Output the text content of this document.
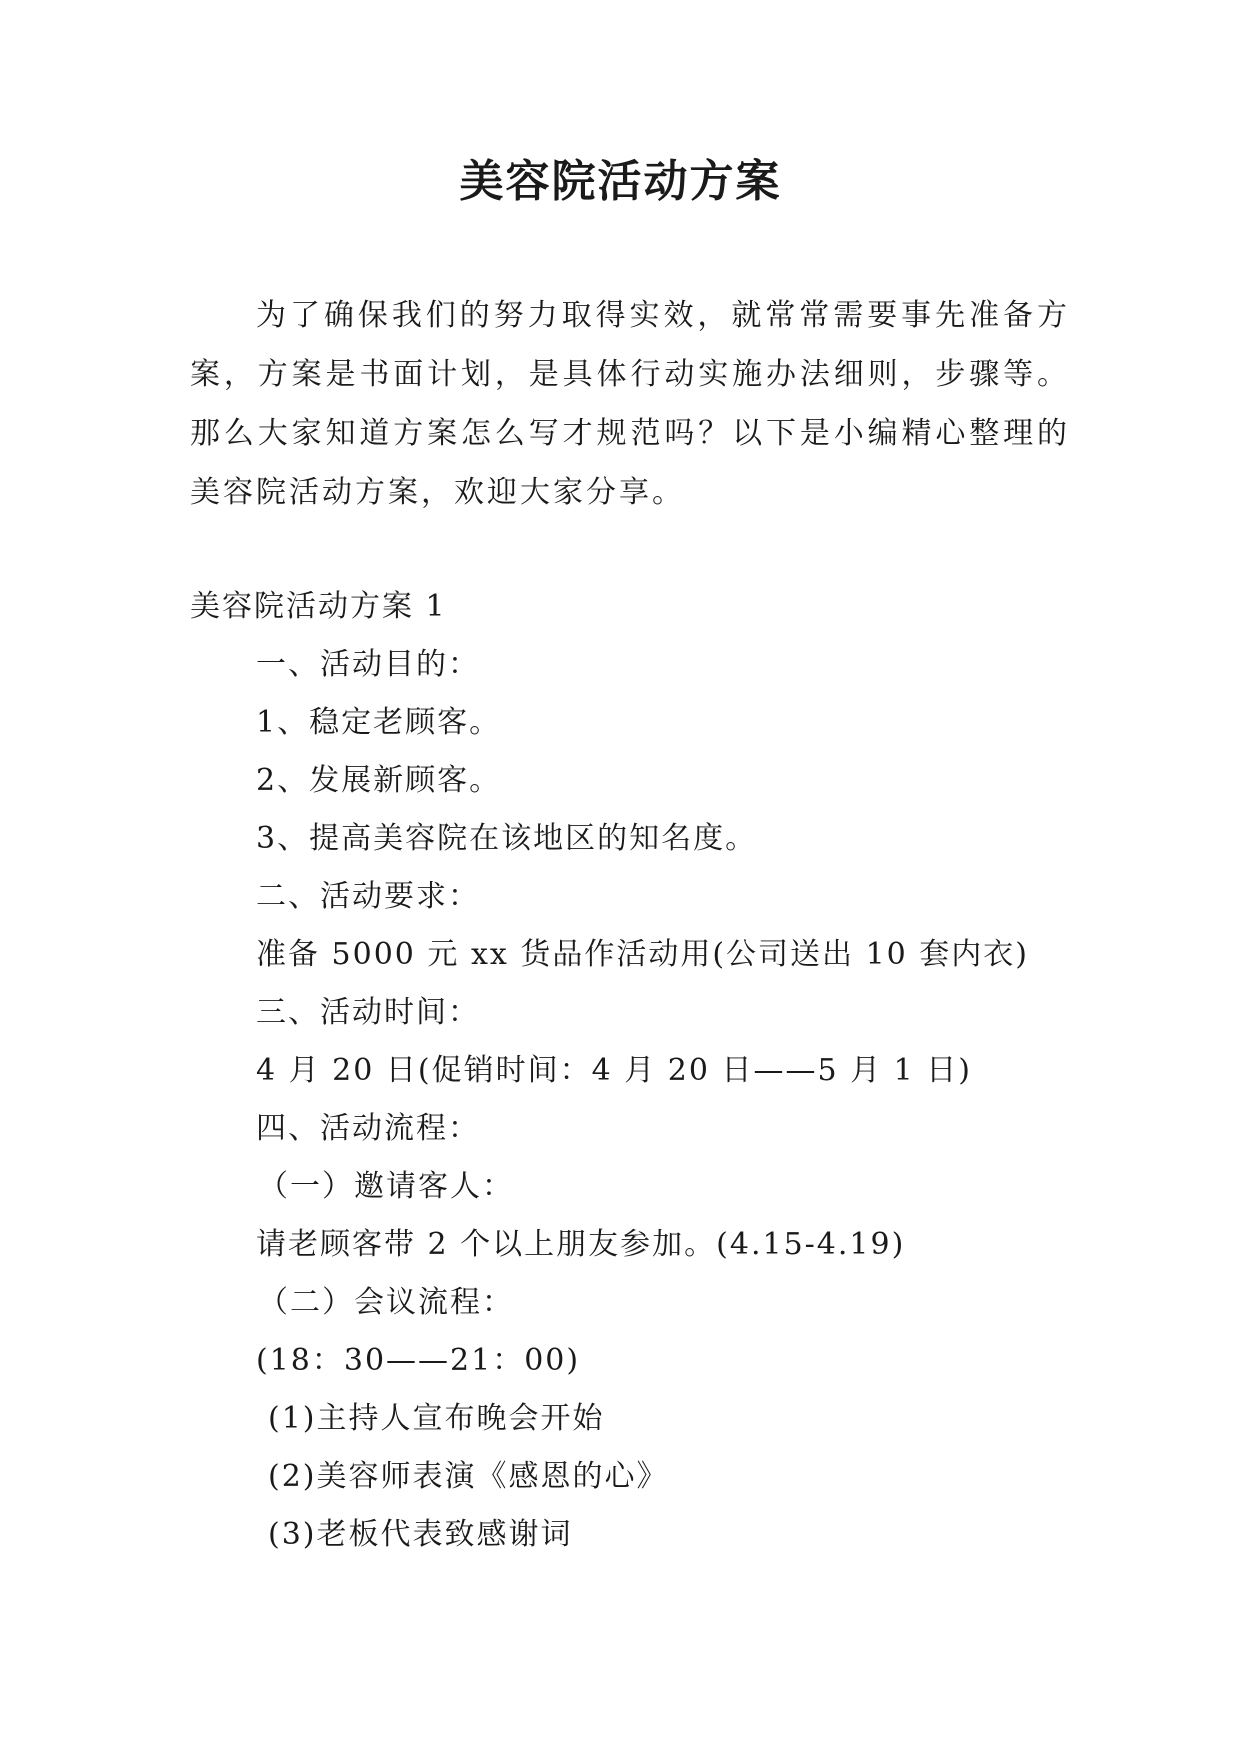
美容院活动方案

为了确保我们的努力取得实效，就常常需要事先准备方案，方案是书面计划，是具体行动实施办法细则，步骤等。那么大家知道方案怎么写才规范吗？以下是小编精心整理的美容院活动方案，欢迎大家分享。

美容院活动方案 1
一、活动目的：
1、稳定老顾客。
2、发展新顾客。
3、提高美容院在该地区的知名度。
二、活动要求：
准备 5000 元 xx 货品作活动用(公司送出 10 套内衣)
三、活动时间：
4 月 20 日(促销时间：4 月 20 日——5 月 1 日)
四、活动流程：
（一）邀请客人：
请老顾客带 2 个以上朋友参加。(4.15-4.19)
（二）会议流程：
(18：30——21：00)
(1)主持人宣布晚会开始
(2)美容师表演《感恩的心》
(3)老板代表致感谢词
